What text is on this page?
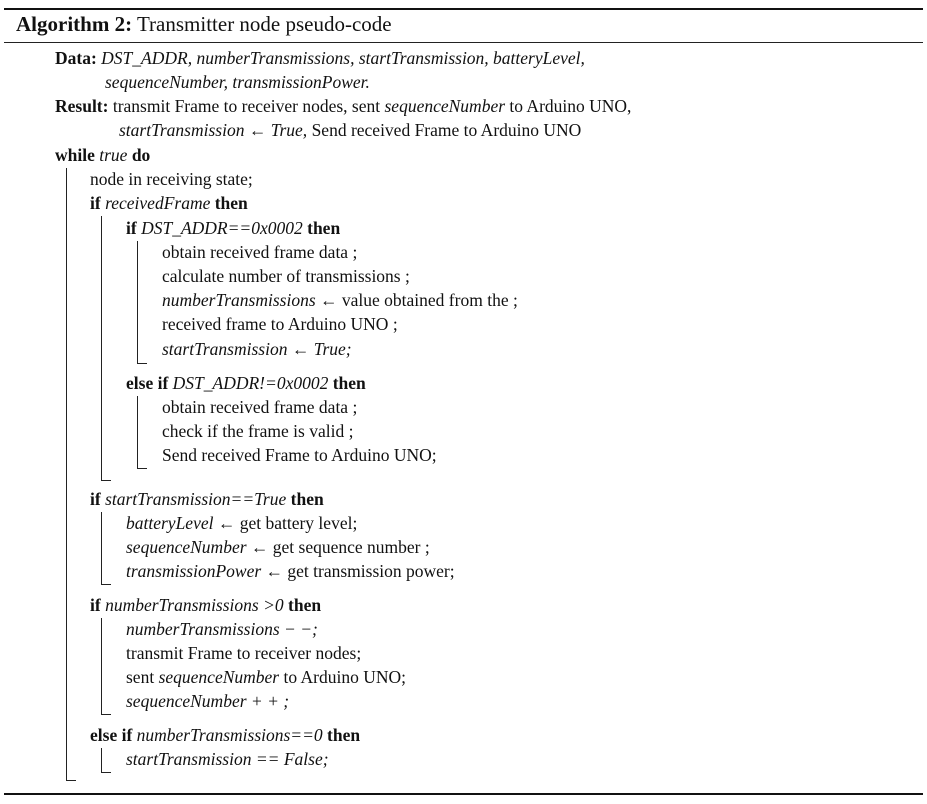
Algorithm 2: Transmitter node pseudo-code
Data: DST_ADDR, numberTransmissions, startTransmission, batteryLevel,
sequenceNumber, transmissionPower.
Result: transmit Frame to receiver nodes, sent sequenceNumber to Arduino UNO,
startTransmission ← True, Send received Frame to Arduino UNO
while true do
node in receiving state;
if receivedFrame then
if DST_ADDR==0x0002 then
obtain received frame data ;
calculate number of transmissions ;
numberTransmissions ← value obtained from the ;
received frame to Arduino UNO ;
startTransmission ← True;
else if DST_ADDR!=0x0002 then
obtain received frame data ;
check if the frame is valid ;
Send received Frame to Arduino UNO;
if startTransmission==True then
batteryLevel ← get battery level;
sequenceNumber ← get sequence number ;
transmissionPower ← get transmission power;
if numberTransmissions >0 then
numberTransmissions − −;
transmit Frame to receiver nodes;
sent sequenceNumber to Arduino UNO;
sequenceNumber + + ;
else if numberTransmissions==0 then
startTransmission == False;
